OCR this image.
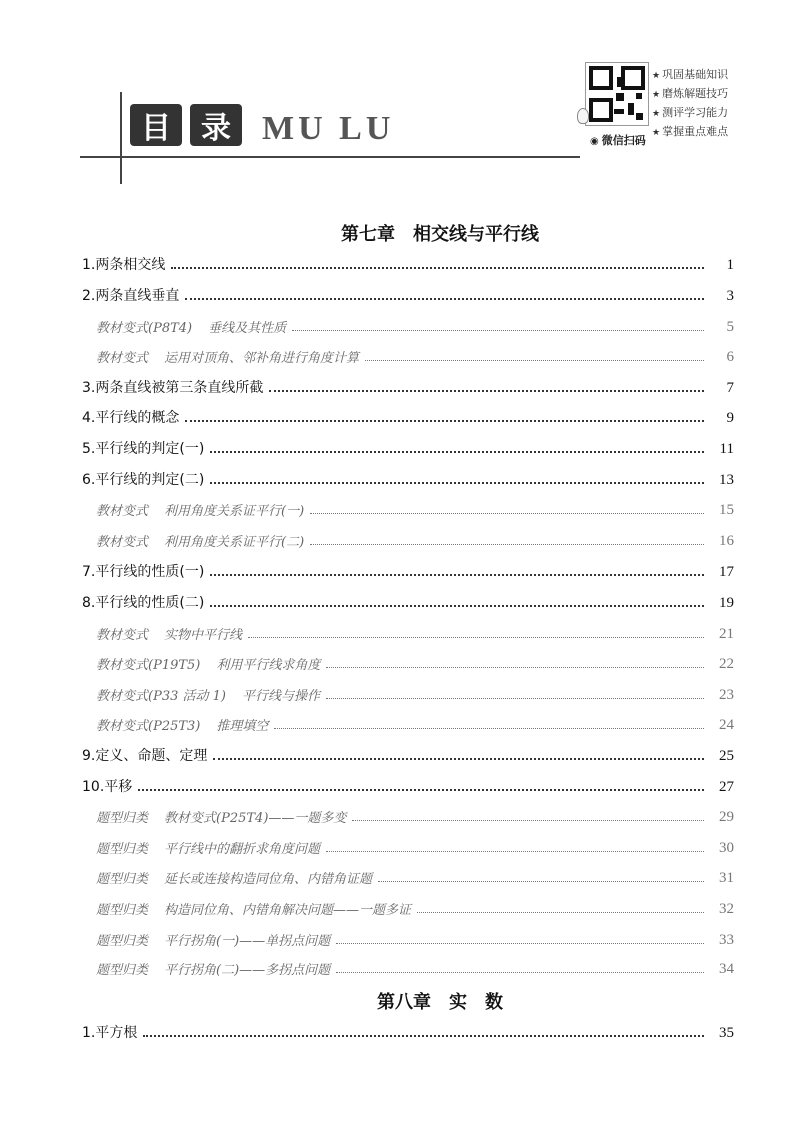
目	录 MU LU	◉ 微信扫码
★ 巩固基础知识
★ 磨炼解题技巧
★ 测评学习能力
★ 掌握重点难点
第七章 相交线与平行线
1.两条相交线	1
2.两条直线垂直	3
教材变式(P8T4) 垂线及其性质	5
教材变式 运用对顶角、邻补角进行角度计算	6
3.两条直线被第三条直线所截	7
4.平行线的概念	9
5.平行线的判定(一)	11
6.平行线的判定(二)	13
教材变式 利用角度关系证平行(一)	15
教材变式 利用角度关系证平行(二)	16
7.平行线的性质(一)	17
8.平行线的性质(二)	19
教材变式 实物中平行线	21
教材变式(P19T5) 利用平行线求角度	22
教材变式(P33 活动 1) 平行线与操作	23
教材变式(P25T3) 推理填空	24
9.定义、命题、定理	25
10.平移	27
题型归类 教材变式(P25T4)——一题多变	29
题型归类 平行线中的翻折求角度问题	30
题型归类 延长或连接构造同位角、内错角证题	31
题型归类 构造同位角、内错角解决问题——一题多证	32
题型归类 平行拐角(一)——单拐点问题	33
题型归类 平行拐角(二)——多拐点问题	34
第八章 实　数
1.平方根	35
